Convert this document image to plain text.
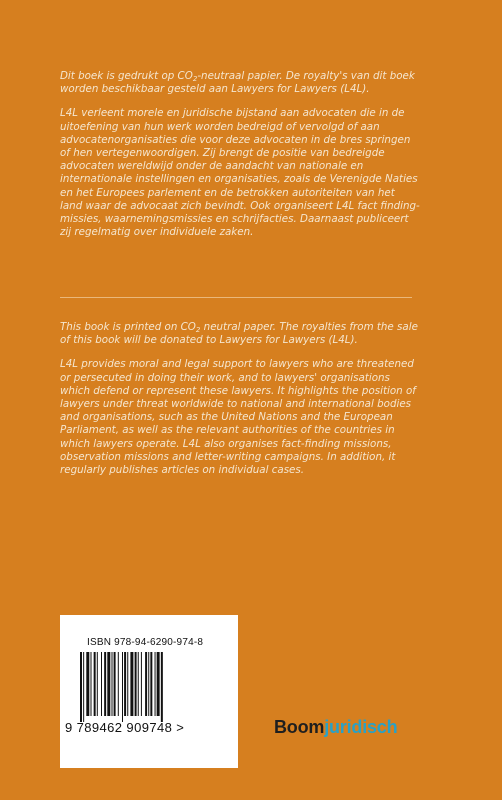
Dit boek is gedrukt op $CO_2$-neutraal papier. De royalty's van dit boek worden beschikbaar gesteld aan Lawyers for Lawyers (L4L).

L4L verleent morele en juridische bijstand aan advocaten die in de uitoefening van hun werk worden bedreigd of vervolgd of aan advocatenorganisaties die voor deze advocaten in de bres springen of hen vertegenwoordigen. Zij brengt de positie van bedreigde advocaten wereldwijd onder de aandacht van nationale en internationale instellingen en organisaties, zoals de Verenigde Naties en het Europees parlement en de betrokken autoriteiten van het land waar de advocaat zich bevindt. Ook organiseert L4L fact finding-missies, waarnemingsmissies en schrijfacties. Daarnaast publiceert zij regelmatig over individuele zaken.

This book is printed on $CO_2$ neutral paper. The royalties from the sale of this book will be donated to Lawyers for Lawyers (L4L).

L4L provides moral and legal support to lawyers who are threatened or persecuted in doing their work, and to lawyers' organisations which defend or represent these lawyers. It highlights the position of lawyers under threat worldwide to national and international bodies and organisations, such as the United Nations and the European Parliament, as well as the relevant authorities of the countries in which lawyers operate. L4L also organises fact-finding missions, observation missions and letter-writing campaigns. In addition, it regularly publishes articles on individual cases.

ISBN 978-94-6290-974-8
9 789462 909748 >	Boomjuridisch
